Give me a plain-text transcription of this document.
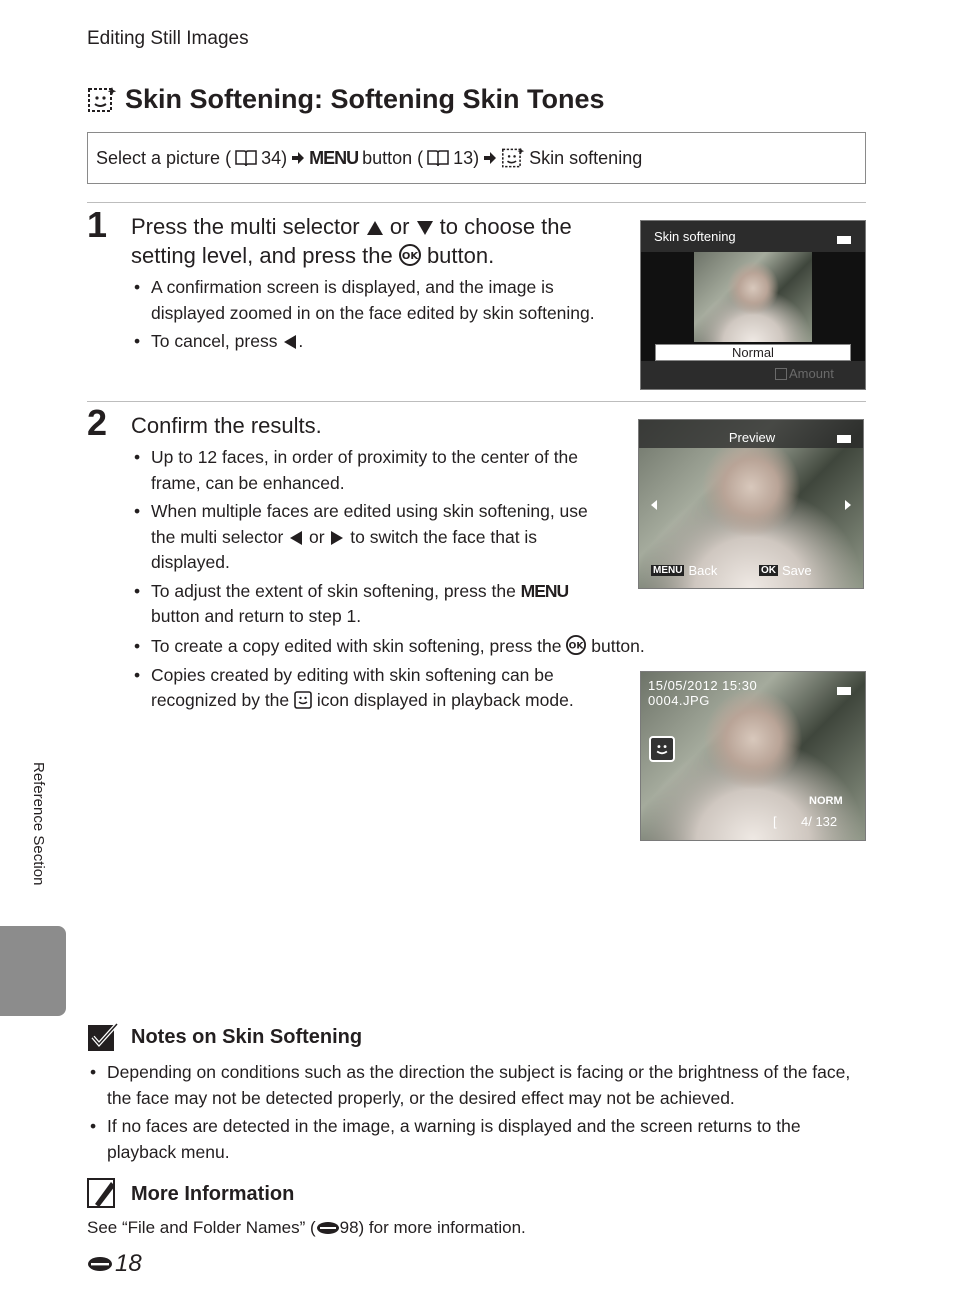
Editing Still Images
Skin Softening: Softening Skin Tones
Select a picture ( 34) MENU button ( 13)	Skin softening
1 Press the multi selector  or  to choose the setting level, and press the OK button.
• A confirmation screen is displayed, and the image is displayed zoomed in on the face edited by skin softening.
• To cancel, press .
Skin softening
Normal
Amount
2 Confirm the results.
• Up to 12 faces, in order of proximity to the center of the frame, can be enhanced.
• When multiple faces are edited using skin softening, use the multi selector  or  to switch the face that is displayed.
• To adjust the extent of skin softening, press the MENU button and return to step 1.
• To create a copy edited with skin softening, press the OK button.
• Copies created by editing with skin softening can be recognized by the  icon displayed in playback mode.
Preview
MENU Back	OK Save
15/05/2012 15:30
0004.JPG
NORM
[ 4/ 132
Reference Section
Notes on Skin Softening
• Depending on conditions such as the direction the subject is facing or the brightness of the face, the face may not be detected properly, or the desired effect may not be achieved.
• If no faces are detected in the image, a warning is displayed and the screen returns to the playback menu.
More Information
See “File and Folder Names” ( 98) for more information.
18
